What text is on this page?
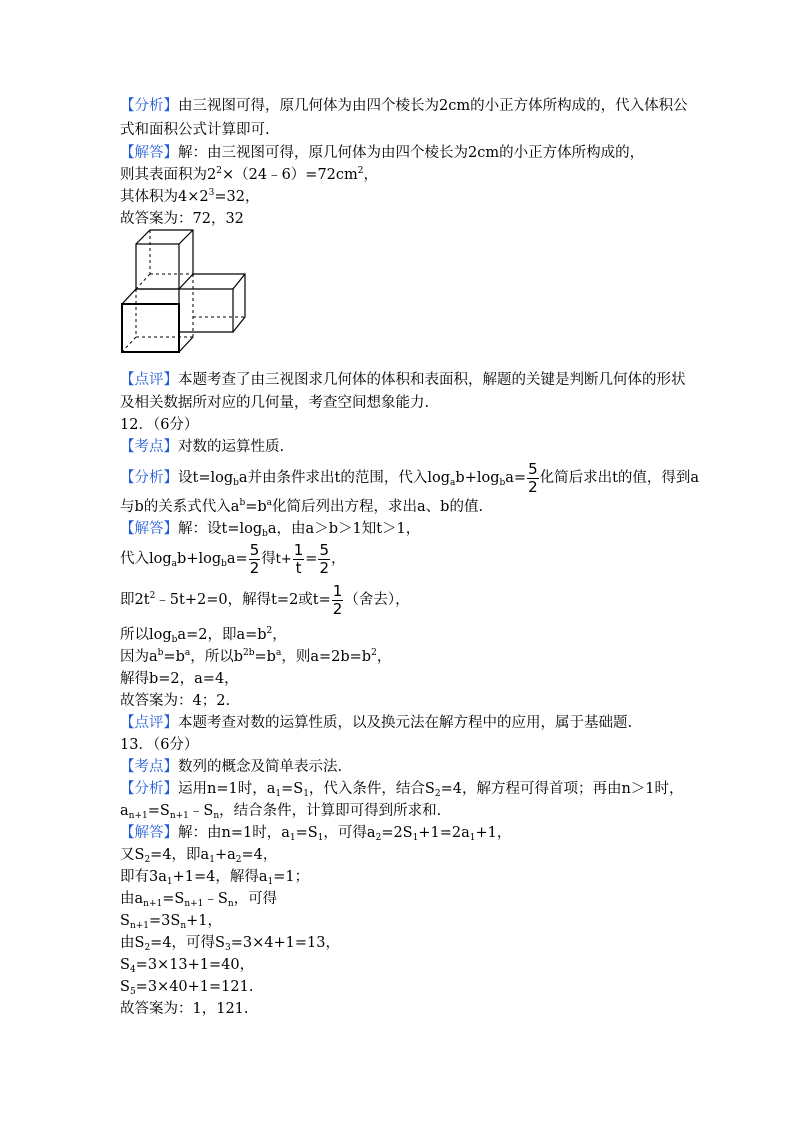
【分析】由三视图可得，原几何体为由四个棱长为2cm的小正方体所构成的，代入体积公
式和面积公式计算即可.
【解答】解：由三视图可得，原几何体为由四个棱长为2cm的小正方体所构成的，
则其表面积为$2^2\times(24﹣6)=72cm^2$，
其体积为$4\times 2^3=32$，
故答案为：72，32
【点评】本题考查了由三视图求几何体的体积和表面积，解题的关键是判断几何体的形状
及相关数据所对应的几何量，考查空间想象能力.
12．（6分）
【考点】对数的运算性质.
【分析】设$t=\log_ba$并由条件求出t的范围，代入$\log_ab+\log_ba= \frac{5}{2}$ 化简后求出t的值，得到a
与b的关系式代入$a^b=b^a$化简后列出方程，求出a、b的值.
【解答】解：设$t=\log_ba$，由a＞b＞1知t＞1，
代入$\log_ab+\log_ba= \frac{5}{2}$ 得$t+ \frac{1}{t} = \frac{5}{2}$ ，
即$2t^2﹣5t+2=0$，解得t=2或$t= \frac{1}{2}$ （舍去），
所以$\log_ba=2$，即$a=b^2$，
因为$a^b=b^a$，所以$b^{2b}=b^a$，则$a=2b=b^2$，
解得b=2，a=4，
故答案为：4；2.
【点评】本题考查对数的运算性质，以及换元法在解方程中的应用，属于基础题.
13．（6分）
【考点】数列的概念及简单表示法.
【分析】运用n=1时，$a_1=S_1$，代入条件，结合$S_2=4$，解方程可得首项；再由n＞1时，
$a_{n+1}=S_{n+1}﹣S_n$，结合条件，计算即可得到所求和.
【解答】解：由n=1时，$a_1=S_1$，可得$a_2=2S_1+1=2a_1+1$，
又$S_2=4$，即$a_1+a_2=4$，
即有$3a_1+1=4$，解得$a_1=1$；
由$a_{n+1}=S_{n+1}﹣S_n$，可得
$S_{n+1}=3S_n+1$，
由$S_2=4$，可得$S_3=3\times 4+1=13$，
$S_4=3\times 13+1=40$，
$S_5=3\times 40+1=121$.
故答案为：1，121.
